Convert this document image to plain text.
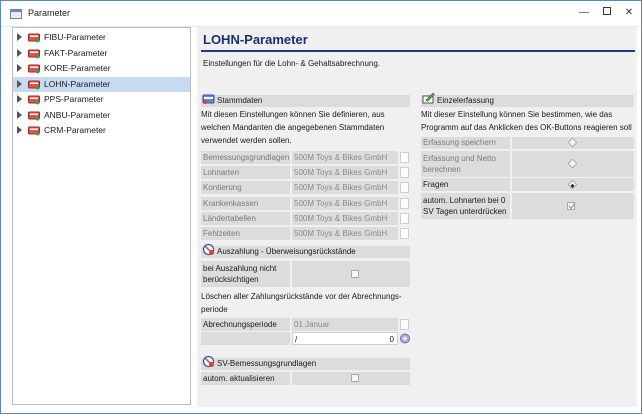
Parameter	—	✕
FIBU-Parameter
FAKT-Parameter
KORE-Parameter
LOHN-Parameter
PPS-Parameter
ANBU-Parameter
CRM-Parameter
LOHN-Parameter
Einstellungen für die Lohn- & Gehaltsabrechnung.
Stammdaten
Mit diesen Einstellungen können Sie definieren, aus
welchen Mandanten die angegebenen Stammdaten
verwendet werden sollen.
Bemessungsgrundlagen 500M Toys & Bikes GmbH
Lohnarten	500M Toys & Bikes GmbH
Kontierung	500M Toys & Bikes GmbH
Krankenkassen	500M Toys & Bikes GmbH
Ländertabellen	500M Toys & Bikes GmbH
Fehlzeiten	500M Toys & Bikes GmbH
Auszahlung - Überweisungsrückstände
bei Auszahlung nicht
berücksichtigen
Löschen aller Zahlungsrückstände vor der Abrechnungs-
periode
Abrechnungsperiode	01 Januar
/	0
SV-Bemessungsgrundlagen
autom. aktualisieren
Einzelerfassung
Mit dieser Einstellung können Sie bestimmen, wie das
Programm auf das Anklicken des OK-Buttons reagieren soll
Erfassung speichern
Erfassung und Netto
berechnen
Fragen
autom. Lohnarten bei 0
SV Tagen unterdrücken
